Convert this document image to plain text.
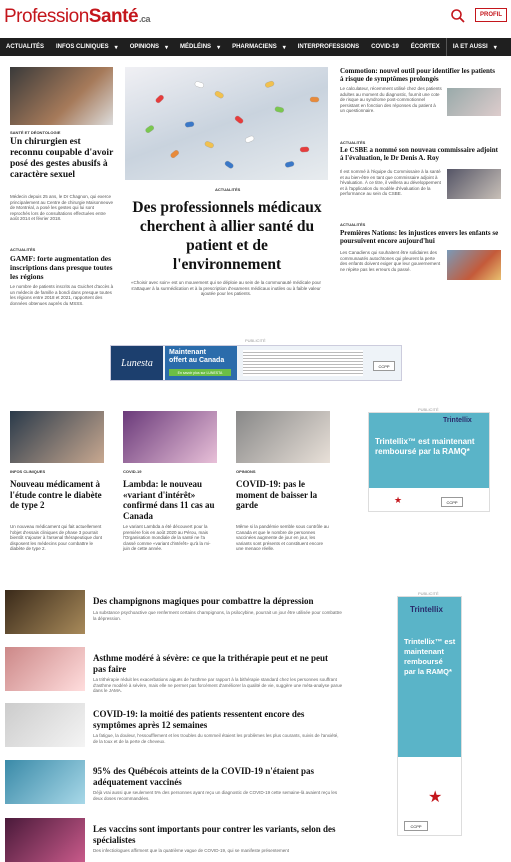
ProfessionSanté.ca	PROFIL
ACTUALITÉS INFOS CLINIQUES	▾ OPINIONS	▾ MÉDLÉINS	▾ PHARMACIENS	▾ INTERPROFESSIONS COVID-19 ÉCORTEX IA ET AUSSI	▾
SANTÉ ET DÉONTOLOGIE
Un chirurgien est reconnu coupable d'avoir posé des gestes abusifs à caractère sexuel
Médecin depuis 25 ans, le Dr Chagnon, qui exerce principalement au Centre de chirurgie Maisonneuve de Montréal, a posé les gestes qui lui sont reprochés lors de consultations effectuées entre août 2014 et février 2018.
ACTUALITÉS
GAMF: forte augmentation des inscriptions dans presque toutes les régions
Le nombre de patients inscrits au Guichet d'accès à un médecin de famille a bondi dans presque toutes les régions entre 2018 et 2021, rapportent des données obtenues auprès du MSSS.
ACTUALITÉS
Des professionnels médicaux cherchent à allier santé du patient et de l'environnement
«Choisir avec soin» est un mouvement qui se déploie au sein de la communauté médicale pour s'attaquer à la surmédication et à la prescription d'examens médicaux inutiles ou à faible valeur ajoutée pour les patients.
Commotion: nouvel outil pour identifier les patients à risque de symptômes prolongés
Le calculateur, récemment utilisé chez des patients adultes au moment du diagnostic, fournit une cote de risque au syndrome post-commotionnel persistant en fonction des réponses du patient à un questionnaire.
ACTUALITÉS
Le CSBE a nommé son nouveau commissaire adjoint à l'évaluation, le Dr Denis A. Roy
Il est nommé à l'équipe du Commissaire à la santé et au bien-être en tant que commissaire adjoint à l'évaluation. À ce titre, il veillera au développement et à l'application du modèle d'évaluation de la performance au sein du CSBE.
ACTUALITÉS
Premières Nations: les injustices envers les enfants se poursuivent encore aujourd'hui
Les Canadiens qui souhaitent être solidaires des communautés autochtones qui pleurent la perte des enfants doivent exiger que leur gouvernement ne répète pas les erreurs du passé.
PUBLICITÉ
Lunesta
Maintenant
offert au Canada
En savoir plus sur LUNESTA
CCPP
INFOS CLINIQUES
Nouveau médicament à l'étude contre le diabète de type 2
Un nouveau médicament qui fait actuellement l'objet d'essais cliniques de phase 3 pourrait bientôt s'ajouter à l'arsenal thérapeutique dont disposent les médecins pour combattre le diabète de type 2.
COVID-19
Lambda: le nouveau «variant d'intérêt» confirmé dans 11 cas au Canada
Le variant Lambda a été découvert pour la première fois en août 2020 au Pérou, mais l'Organisation mondiale de la santé ne l'a classé comme «variant d'intérêt» qu'à la mi-juin de cette année.
OPINIONS
COVID-19: pas le moment de baisser la garde
Même si la pandémie semble sous contrôle au Canada et que le nombre de personnes vaccinées augmente de jour en jour, les variants sont présents et constituent encore une menace réelle.
PUBLICITÉ
Trintellix
Trintellix™ est maintenant remboursé par la RAMQ*
★	CCPP
PUBLICITÉ
Trintellix
Trintellix™ est
maintenant
remboursé
par la RAMQ*
★
CCPP
Des champignons magiques pour combattre la dépression
La substance psychoactive que renferment certains champignons, la psilocybine, pourrait un jour être utilisée pour combattre la dépression.
Asthme modéré à sévère: ce que la trithérapie peut et ne peut pas faire
La trithérapie réduit les exacerbations aiguës de l'asthme par rapport à la bithérapie standard chez les personnes souffrant d'asthme modéré à sévère, mais elle ne permet pas forcément d'améliorer la qualité de vie, suggère une méta-analyse parue dans le JAMA.
COVID-19: la moitié des patients ressentent encore des symptômes après 12 semaines
La fatigue, la douleur, l'essoufflement et les troubles du sommeil étaient les problèmes les plus courants, suivis de l'anxiété, de la toux et de la perte de cheveux.
95% des Québécois atteints de la COVID-19 n'étaient pas adéquatement vaccinés
Déjà vrai aussi que seulement 5% des personnes ayant reçu un diagnostic de COVID-19 cette semaine-là avaient reçu les deux doses recommandées.
Les vaccins sont importants pour contrer les variants, selon des spécialistes
Des infectiologues affirment que la quatrième vague de COVID-19, qui se manifeste présentement
